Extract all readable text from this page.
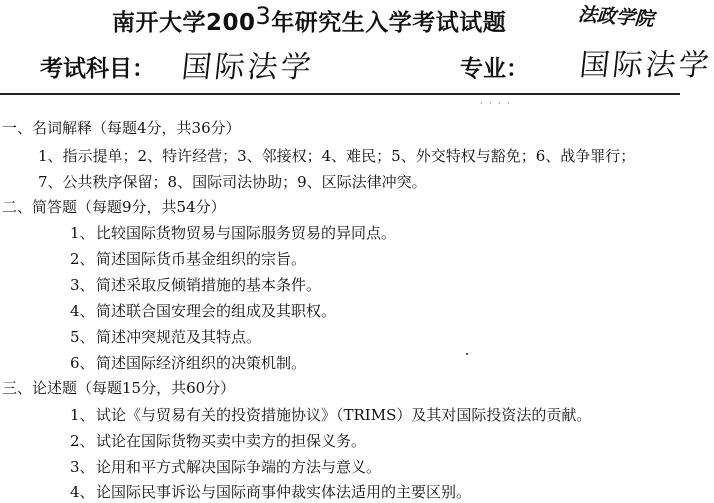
南开大学2003年研究生入学考试试题	法政学院
考试科目： 国际法学	专业： 国际法学
· · · ·
一、名词解释（每题4分，共36分）
1、指示提单；2、特许经营；3、邻接权；4、难民；5、外交特权与豁免；6、战争罪行；
7、公共秩序保留；8、国际司法协助；9、区际法律冲突。
二、简答题（每题9分，共54分）
1、比较国际货物贸易与国际服务贸易的异同点。
2、简述国际货币基金组织的宗旨。
3、简述采取反倾销措施的基本条件。
4、简述联合国安理会的组成及其职权。
5、简述冲突规范及其特点。
6、简述国际经济组织的决策机制。
三、论述题（每题15分，共60分）
1、试论《与贸易有关的投资措施协议》（TRIMS）及其对国际投资法的贡献。
2、试论在国际货物买卖中卖方的担保义务。
3、论用和平方式解决国际争端的方法与意义。
4、论国际民事诉讼与国际商事仲裁实体法适用的主要区别。
